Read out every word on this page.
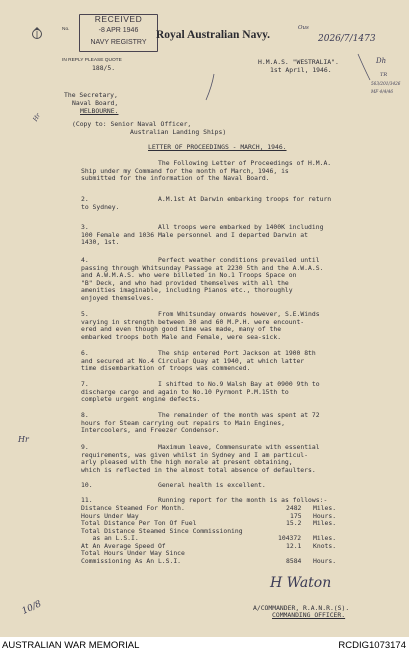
RECEIVED
-8 APR 1946
NAVY REGISTRY
No.	Royal Australian Navy.
IN REPLY PLEASE QUOTE
188/5.
Ous
2026/7/1473
Dh
TR
563/201/3426
MF 4/4/46
Hr
Hr
10/8
H.M.A.S. "WESTRALIA".
1st April, 1946.
The Secretary,
Naval Board,
MELBOURNE.
(Copy to: Senior Naval Officer,
Australian Landing Ships)
LETTER OF PROCEEDINGS - MARCH, 1946.
The Following Letter of Proceedings of H.M.A.
Ship under my Command for the month of March, 1946, is
submitted for the information of the Naval Board.
2.	A.M.1st At Darwin embarking troops for return
to Sydney.
3.	All troops were embarked by 1400K including
100 Female and 1036 Male personnel and I departed Darwin at
1430, 1st.
4.	Perfect weather conditions prevailed until
passing through Whitsunday Passage at 2230 5th and the A.W.A.S.
and A.W.M.A.S. who were billeted in No.1 Troops Space on
"B" Deck, and who had provided themselves with all the
amenities imaginable, including Pianos etc., thoroughly
enjoyed themselves.
5.	From Whitsunday onwards however, S.E.Winds
varying in strength between 30 and 60 M.P.H. were encount-
ered and even though good time was made, many of the
embarked troops both Male and Female, were sea-sick.
6.	The ship entered Port Jackson at 1900 8th
and secured at No.4 Circular Quay at 1940, at which latter
time disembarkation of troops was commenced.
7.	I shifted to No.9 Walsh Bay at 0900 9th to
discharge cargo and again to No.10 Pyrmont P.M.15th to
complete urgent engine defects.
8.	The remainder of the month was spent at 72
hours for Steam carrying out repairs to Main Engines,
Intercoolers, and Freezer Condensor.
9.	Maximum leave, Commensurate with essential
requirements, was given whilst in Sydney and I am particul-
arly pleased with the high morale at present obtaining,
which is reflected in the almost total absence of defaulters.
10.	General health is excellent.
11.	Running report for the month is as follows:-
Distance Steamed For Month.	2482 Miles.
Hours Under Way	175 Hours.
Total Distance Per Ton Of Fuel	15.2 Miles.
Total Distance Steamed Since Commissioning
as an L.S.I.	104372 Miles.
At An Average Speed Of	12.1 Knots.
Total Hours Under Way Since
Commissioning As An L.S.I.	8584 Hours.
H Waton
A/COMMANDER, R.A.N.R.(S).
COMMANDING OFFICER.
AUSTRALIAN WAR MEMORIAL	RCDIG1073174
